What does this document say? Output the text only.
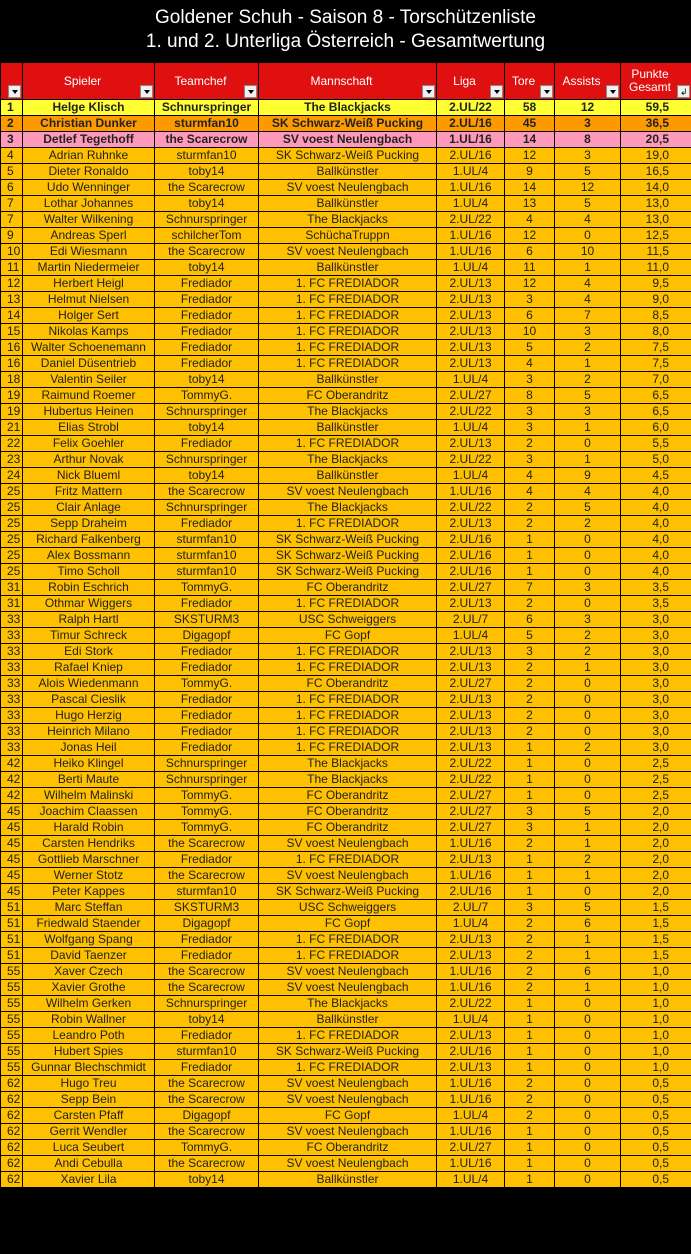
Goldener Schuh - Saison 8 - Torschützenliste
1. und 2. Unterliga Österreich - Gesamtwertung

	Spieler	Teamchef	Mannschaft	Liga	Tore	Assists	Punkte Gesamt
↲

1	Helge Klisch	Schnurspringer	The Blackjacks	2.UL/22	58	12	59,5
2	Christian Dunker	sturmfan10	SK Schwarz-Weiß Pucking	2.UL/16	45	3	36,5
3	Detlef Tegethoff	the Scarecrow	SV voest Neulengbach	1.UL/16	14	8	20,5
4	Adrian Ruhnke	sturmfan10	SK Schwarz-Weiß Pucking	2.UL/16	12	3	19,0
5	Dieter Ronaldo	toby14	Ballkünstler	1.UL/4	9	5	16,5
6	Udo Wenninger	the Scarecrow	SV voest Neulengbach	1.UL/16	14	12	14,0
7	Lothar Johannes	toby14	Ballkünstler	1.UL/4	13	5	13,0
7	Walter Wilkening	Schnurspringer	The Blackjacks	2.UL/22	4	4	13,0
9	Andreas Sperl	schilcherTom	SchüchaTruppn	1.UL/16	12	0	12,5
10	Edi Wiesmann	the Scarecrow	SV voest Neulengbach	1.UL/16	6	10	11,5
11	Martin Niedermeier	toby14	Ballkünstler	1.UL/4	11	1	11,0
12	Herbert Heigl	Frediador	1. FC FREDIADOR	2.UL/13	12	4	9,5
13	Helmut Nielsen	Frediador	1. FC FREDIADOR	2.UL/13	3	4	9,0
14	Holger Sert	Frediador	1. FC FREDIADOR	2.UL/13	6	7	8,5
15	Nikolas Kamps	Frediador	1. FC FREDIADOR	2.UL/13	10	3	8,0
16	Walter Schoenemann	Frediador	1. FC FREDIADOR	2.UL/13	5	2	7,5
16	Daniel Düsentrieb	Frediador	1. FC FREDIADOR	2.UL/13	4	1	7,5
18	Valentin Seiler	toby14	Ballkünstler	1.UL/4	3	2	7,0
19	Raimund Roemer	TommyG.	FC Oberandritz	2.UL/27	8	5	6,5
19	Hubertus Heinen	Schnurspringer	The Blackjacks	2.UL/22	3	3	6,5
21	Elias Strobl	toby14	Ballkünstler	1.UL/4	3	1	6,0
22	Felix Goehler	Frediador	1. FC FREDIADOR	2.UL/13	2	0	5,5
23	Arthur Novak	Schnurspringer	The Blackjacks	2.UL/22	3	1	5,0
24	Nick Blueml	toby14	Ballkünstler	1.UL/4	4	9	4,5
25	Fritz Mattern	the Scarecrow	SV voest Neulengbach	1.UL/16	4	4	4,0
25	Clair Anlage	Schnurspringer	The Blackjacks	2.UL/22	2	5	4,0
25	Sepp Draheim	Frediador	1. FC FREDIADOR	2.UL/13	2	2	4,0
25	Richard Falkenberg	sturmfan10	SK Schwarz-Weiß Pucking	2.UL/16	1	0	4,0
25	Alex Bossmann	sturmfan10	SK Schwarz-Weiß Pucking	2.UL/16	1	0	4,0
25	Timo Scholl	sturmfan10	SK Schwarz-Weiß Pucking	2.UL/16	1	0	4,0
31	Robin Eschrich	TommyG.	FC Oberandritz	2.UL/27	7	3	3,5
31	Othmar Wiggers	Frediador	1. FC FREDIADOR	2.UL/13	2	0	3,5
33	Ralph Hartl	SKSTURM3	USC Schweiggers	2.UL/7	6	3	3,0
33	Timur Schreck	Digagopf	FC Gopf	1.UL/4	5	2	3,0
33	Edi Stork	Frediador	1. FC FREDIADOR	2.UL/13	3	2	3,0
33	Rafael Kniep	Frediador	1. FC FREDIADOR	2.UL/13	2	1	3,0
33	Alois Wiedenmann	TommyG.	FC Oberandritz	2.UL/27	2	0	3,0
33	Pascal Cieslik	Frediador	1. FC FREDIADOR	2.UL/13	2	0	3,0
33	Hugo Herzig	Frediador	1. FC FREDIADOR	2.UL/13	2	0	3,0
33	Heinrich Milano	Frediador	1. FC FREDIADOR	2.UL/13	2	0	3,0
33	Jonas Heil	Frediador	1. FC FREDIADOR	2.UL/13	1	2	3,0
42	Heiko Klingel	Schnurspringer	The Blackjacks	2.UL/22	1	0	2,5
42	Berti Maute	Schnurspringer	The Blackjacks	2.UL/22	1	0	2,5
42	Wilhelm Malinski	TommyG.	FC Oberandritz	2.UL/27	1	0	2,5
45	Joachim Claassen	TommyG.	FC Oberandritz	2.UL/27	3	5	2,0
45	Harald Robin	TommyG.	FC Oberandritz	2.UL/27	3	1	2,0
45	Carsten Hendriks	the Scarecrow	SV voest Neulengbach	1.UL/16	2	1	2,0
45	Gottlieb Marschner	Frediador	1. FC FREDIADOR	2.UL/13	1	2	2,0
45	Werner Stotz	the Scarecrow	SV voest Neulengbach	1.UL/16	1	1	2,0
45	Peter Kappes	sturmfan10	SK Schwarz-Weiß Pucking	2.UL/16	1	0	2,0
51	Marc Steffan	SKSTURM3	USC Schweiggers	2.UL/7	3	5	1,5
51	Friedwald Staender	Digagopf	FC Gopf	1.UL/4	2	6	1,5
51	Wolfgang Spang	Frediador	1. FC FREDIADOR	2.UL/13	2	1	1,5
51	David Taenzer	Frediador	1. FC FREDIADOR	2.UL/13	2	1	1,5
55	Xaver Czech	the Scarecrow	SV voest Neulengbach	1.UL/16	2	6	1,0
55	Xavier Grothe	the Scarecrow	SV voest Neulengbach	1.UL/16	2	1	1,0
55	Wilhelm Gerken	Schnurspringer	The Blackjacks	2.UL/22	1	0	1,0
55	Robin Wallner	toby14	Ballkünstler	1.UL/4	1	0	1,0
55	Leandro Poth	Frediador	1. FC FREDIADOR	2.UL/13	1	0	1,0
55	Hubert Spies	sturmfan10	SK Schwarz-Weiß Pucking	2.UL/16	1	0	1,0
55	Gunnar Blechschmidt	Frediador	1. FC FREDIADOR	2.UL/13	1	0	1,0
62	Hugo Treu	the Scarecrow	SV voest Neulengbach	1.UL/16	2	0	0,5
62	Sepp Bein	the Scarecrow	SV voest Neulengbach	1.UL/16	2	0	0,5
62	Carsten Pfaff	Digagopf	FC Gopf	1.UL/4	2	0	0,5
62	Gerrit Wendler	the Scarecrow	SV voest Neulengbach	1.UL/16	1	0	0,5
62	Luca Seubert	TommyG.	FC Oberandritz	2.UL/27	1	0	0,5
62	Andi Cebulla	the Scarecrow	SV voest Neulengbach	1.UL/16	1	0	0,5
62	Xavier Lila	toby14	Ballkünstler	1.UL/4	1	0	0,5
